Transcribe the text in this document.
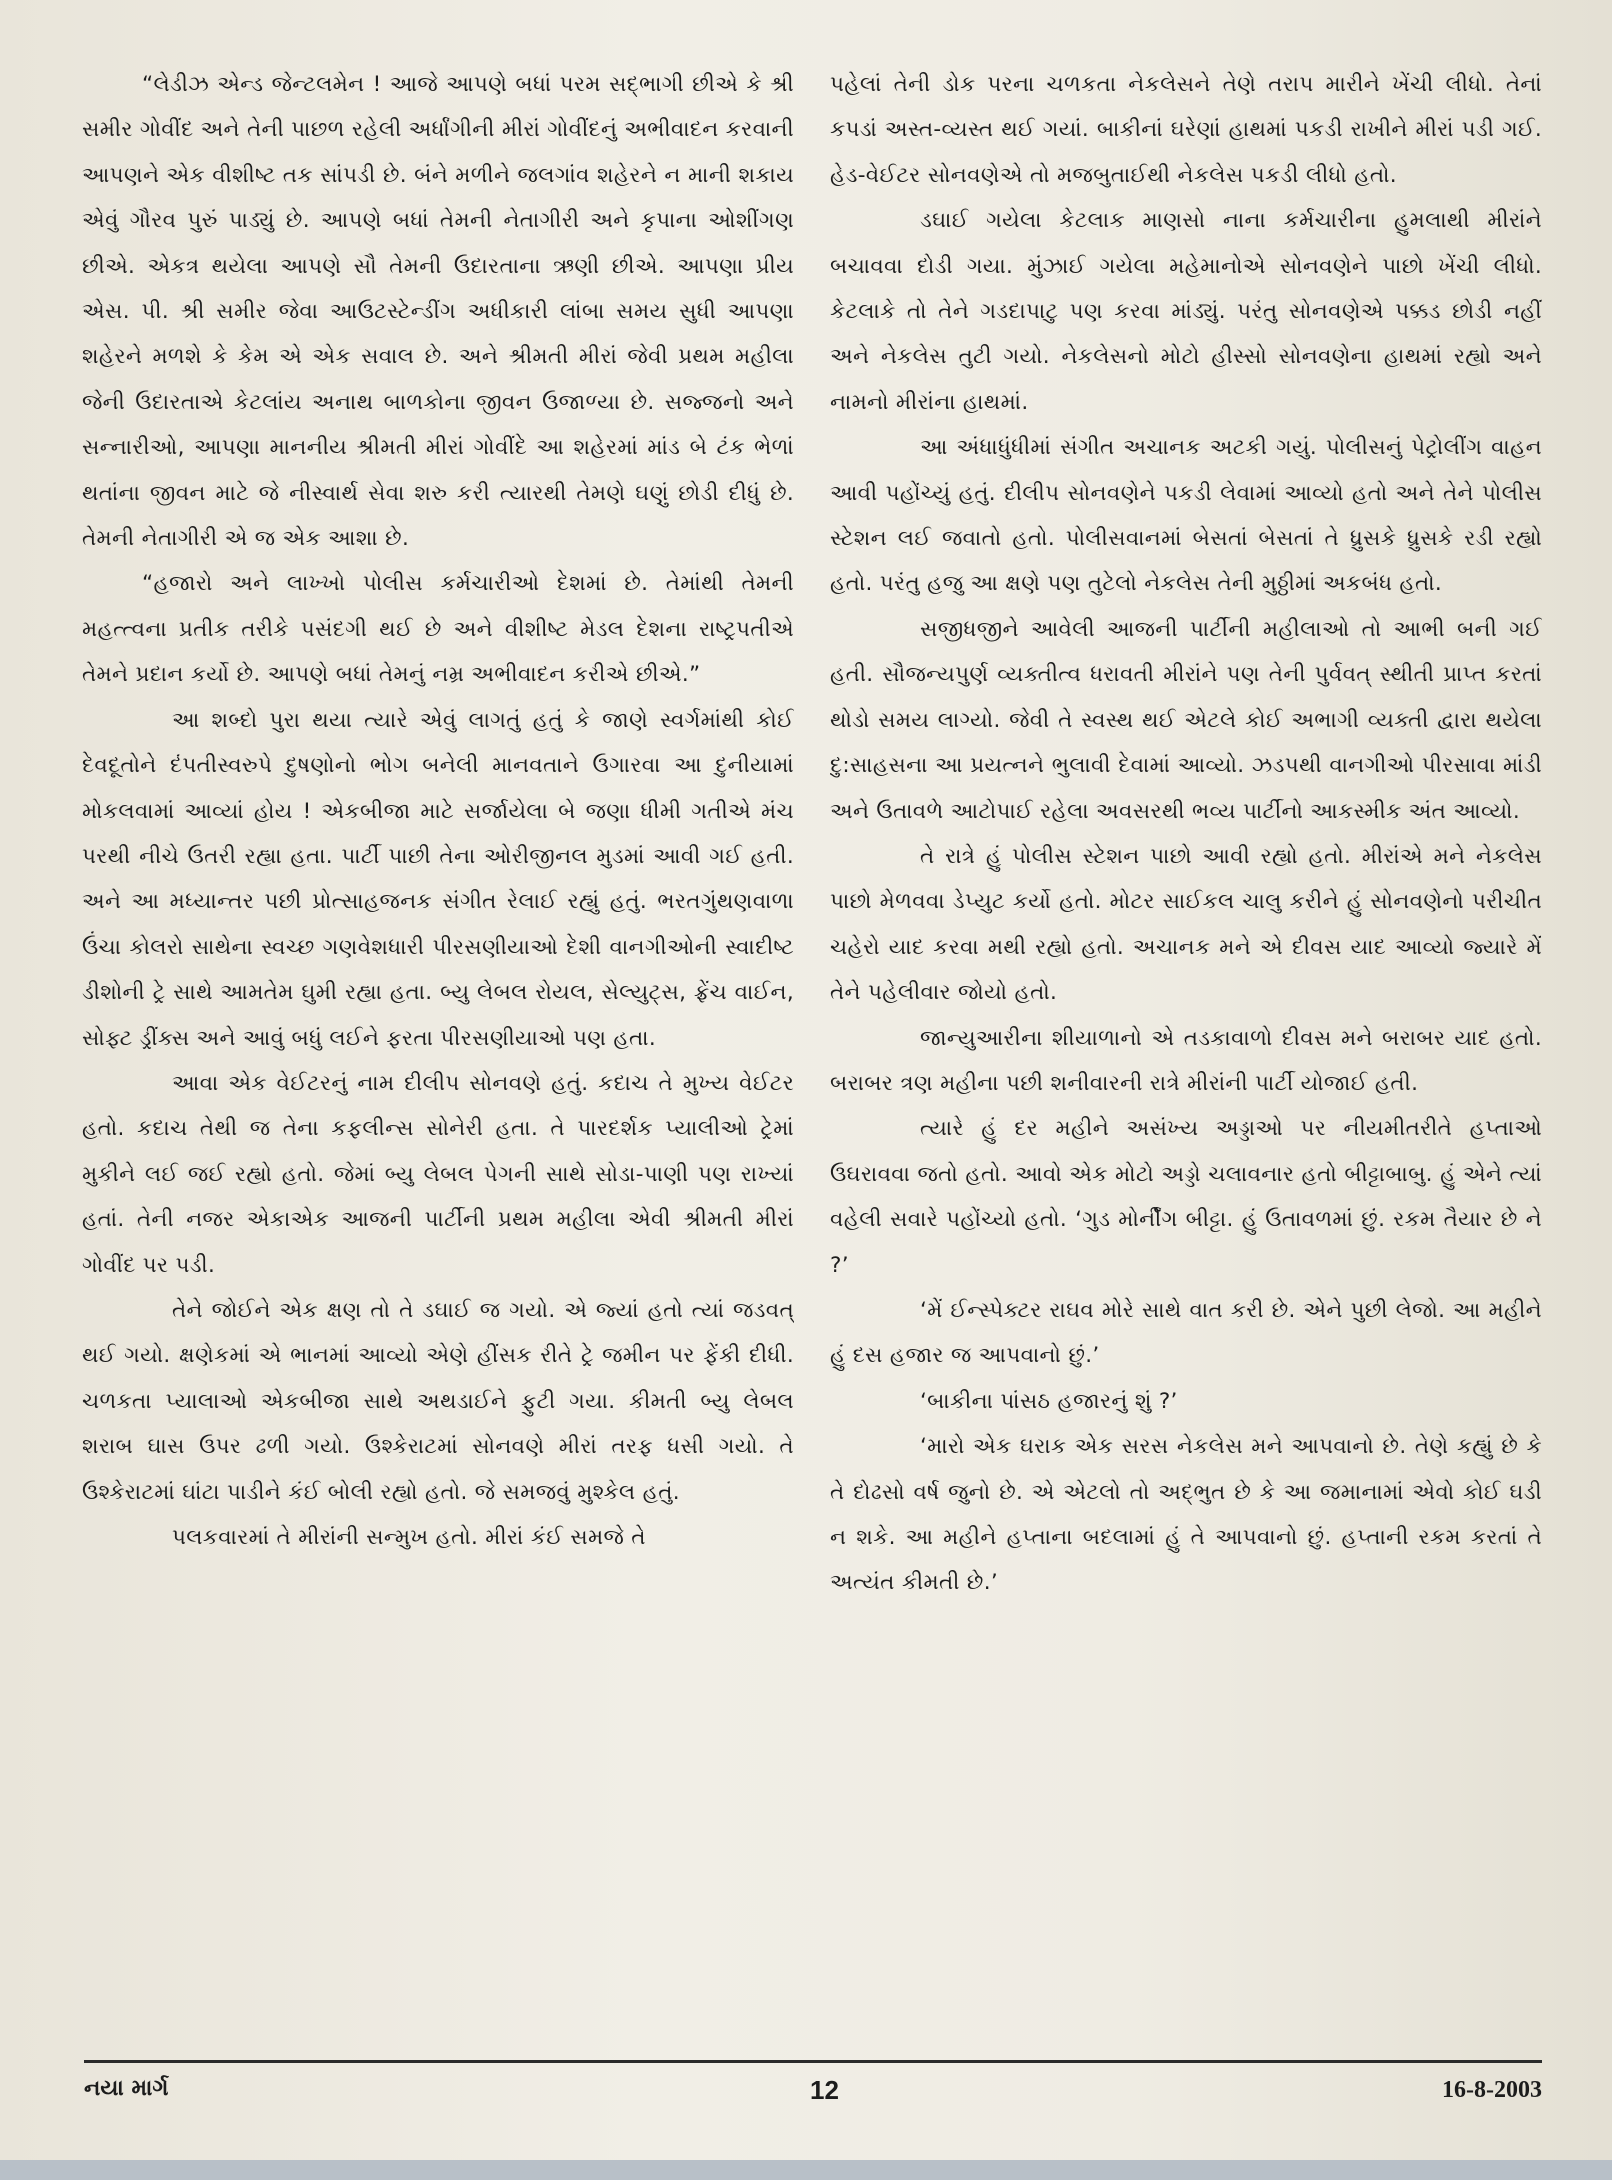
“લેડીઝ એન્ડ જેન્ટલમેન ! આજે આપણે બધાં પરમ સદ્‌ભાગી છીએ કે શ્રી સમીર ગોવીંદ અને તેની પાછળ રહેલી અર્ધાંગીની મીરાં ગોવીંદનું અભીવાદન કરવાની આપણને એક વીશીષ્ટ તક સાંપડી છે. બંને મળીને જલગાંવ શહેરને ન માની શકાય એવું ગૌરવ પુરું પાડ્યું છે. આપણે બધાં તેમની નેતાગીરી અને કૃપાના ઓશીંગણ છીએ. એકત્ર થયેલા આપણે સૌ તેમની ઉદારતાના ઋણી છીએ. આપણા પ્રીય એસ. પી. શ્રી સમીર જેવા આઉટસ્ટેન્ડીંગ અધીકારી લાંબા સમય સુધી આપણા શહેરને મળશે કે કેમ એ એક સવાલ છે. અને શ્રીમતી મીરાં જેવી પ્રથમ મહીલા જેની ઉદારતાએ કેટલાંય અનાથ બાળકોના જીવન ઉજાળ્યા છે. સજ્જનો અને સન્નારીઓ, આપણા માનનીય શ્રીમતી મીરાં ગોવીંદે આ શહેરમાં માંડ બે ટંક ભેળાં થતાંના જીવન માટે જે નીસ્વાર્થ સેવા શરુ કરી ત્યારથી તેમણે ઘણું છોડી દીધું છે. તેમની નેતાગીરી એ જ એક આશા છે.

“હજારો અને લાખ્ખો પોલીસ કર્મચારીઓ દેશમાં છે. તેમાંથી તેમની મહત્ત્વના પ્રતીક તરીકે પસંદગી થઈ છે અને વીશીષ્ટ મેડલ દેશના રાષ્ટ્રપતીએ તેમને પ્રદાન કર્યો છે. આપણે બધાં તેમનું નમ્ર અભીવાદન કરીએ છીએ.”

આ શબ્દો પુરા થયા ત્યારે એવું લાગતું હતું કે જાણે સ્વર્ગમાંથી કોઈ દેવદૂતોને દંપતીસ્વરુપે દુષણોનો ભોગ બનેલી માનવતાને ઉગારવા આ દુનીયામાં મોકલવામાં આવ્યાં હોય ! એકબીજા માટે સર્જાયેલા બે જણા ધીમી ગતીએ મંચ પરથી નીચે ઉતરી રહ્યા હતા. પાર્ટી પાછી તેના ઓરીજીનલ મુડમાં આવી ગઈ હતી. અને આ મધ્યાન્તર પછી પ્રોત્સાહજનક સંગીત રેલાઈ રહ્યું હતું. ભરતગુંથણવાળા ઉંચા કોલરો સાથેના સ્વચ્છ ગણવેશધારી પીરસણીયાઓ દેશી વાનગીઓની સ્વાદીષ્ટ ડીશોની ટ્રે સાથે આમતેમ ઘુમી રહ્યા હતા. બ્યુ લેબલ રોયલ, સેલ્યુટ્સ, ફ્રેંચ વાઈન, સોફ્ટ ડ્રીંક્સ અને આવું બધું લઈને ફરતા પીરસણીયાઓ પણ હતા.

આવા એક વેઈટરનું નામ દીલીપ સોનવણે હતું. કદાચ તે મુખ્ય વેઈટર હતો. કદાચ તેથી જ તેના કફલીન્સ સોનેરી હતા. તે પારદર્શક પ્યાલીઓ ટ્રેમાં મુકીને લઈ જઈ રહ્યો હતો. જેમાં બ્યુ લેબલ પેગની સાથે સોડા-પાણી પણ રાખ્યાં હતાં. તેની નજર એકાએક આજની પાર્ટીની પ્રથમ મહીલા એવી શ્રીમતી મીરાં ગોવીંદ પર પડી.

તેને જોઈને એક ક્ષણ તો તે ડઘાઈ જ ગયો. એ જ્યાં હતો ત્યાં જડવત્ થઈ ગયો. ક્ષણેકમાં એ ભાનમાં આવ્યો એણે હીંસક રીતે ટ્રે જમીન પર ફેંકી દીધી. ચળકતા પ્યાલાઓ એકબીજા સાથે અથડાઈને ફુટી ગયા. કીમતી બ્યુ લેબલ શરાબ ઘાસ ઉપર ઢળી ગયો. ઉશ્કેરાટમાં સોનવણે મીરાં તરફ ધસી ગયો. તે ઉશ્કેરાટમાં ઘાંટા પાડીને કંઈ બોલી રહ્યો હતો. જે સમજવું મુશ્કેલ હતું.

પલકવારમાં તે મીરાંની સન્મુખ હતો. મીરાં કંઈ સમજે તે

પહેલાં તેની ડોક પરના ચળકતા નેકલેસને તેણે તરાપ મારીને ખેંચી લીધો. તેનાં કપડાં અસ્ત-વ્યસ્ત થઈ ગયાં. બાકીનાં ઘરેણાં હાથમાં પકડી રાખીને મીરાં પડી ગઈ. હેડ-વેઈટર સોનવણેએ તો મજબુતાઈથી નેકલેસ પકડી લીધો હતો.

ડઘાઈ ગયેલા કેટલાક માણસો નાના કર્મચારીના હુમલાથી મીરાંને બચાવવા દોડી ગયા. મુંઝાઈ ગયેલા મહેમાનોએ સોનવણેને પાછો ખેંચી લીધો. કેટલાકે તો તેને ગડદાપાટુ પણ કરવા માંડ્યું. પરંતુ સોનવણેએ પક્કડ છોડી નહીં અને નેકલેસ તુટી ગયો. નેકલેસનો મોટો હીસ્સો સોનવણેના હાથમાં રહ્યો અને નામનો મીરાંના હાથમાં.

આ અંધાધુંધીમાં સંગીત અચાનક અટકી ગયું. પોલીસનું પેટ્રોલીંગ વાહન આવી પહોંચ્યું હતું. દીલીપ સોનવણેને પકડી લેવામાં આવ્યો હતો અને તેને પોલીસ સ્ટેશન લઈ જવાતો હતો. પોલીસવાનમાં બેસતાં બેસતાં તે ધ્રુસકે ધ્રુસકે રડી રહ્યો હતો. પરંતુ હજુ આ ક્ષણે પણ તુટેલો નેકલેસ તેની મુઠ્ઠીમાં અકબંધ હતો.

સજીધજીને આવેલી આજની પાર્ટીની મહીલાઓ તો આભી બની ગઈ હતી. સૌજન્યપુર્ણ વ્યક્તીત્વ ધરાવતી મીરાંને પણ તેની પુર્વવત્ સ્થીતી પ્રાપ્ત કરતાં થોડો સમય લાગ્યો. જેવી તે સ્વસ્થ થઈ એટલે કોઈ અભાગી વ્યક્તી દ્વારા થયેલા દુ:સાહસના આ પ્રયત્નને ભુલાવી દેવામાં આવ્યો. ઝડપથી વાનગીઓ પીરસાવા માંડી અને ઉતાવળે આટોપાઈ રહેલા અવસરથી ભવ્ય પાર્ટીનો આકસ્મીક અંત આવ્યો.

તે રાત્રે હું પોલીસ સ્ટેશન પાછો આવી રહ્યો હતો. મીરાંએ મને નેકલેસ પાછો મેળવવા ડેપ્યુટ કર્યો હતો. મોટર સાઈકલ ચાલુ કરીને હું સોનવણેનો પરીચીત ચહેરો યાદ કરવા મથી રહ્યો હતો. અચાનક મને એ દીવસ યાદ આવ્યો જ્યારે મેં તેને પહેલીવાર જોયો હતો.

જાન્યુઆરીના શીયાળાનો એ તડકાવાળો દીવસ મને બરાબર યાદ હતો. બરાબર ત્રણ મહીના પછી શનીવારની રાત્રે મીરાંની પાર્ટી યોજાઈ હતી.

ત્યારે હું દર મહીને અસંખ્ય અડ્ડાઓ પર નીયમીતરીતે હપ્તાઓ ઉઘરાવવા જતો હતો. આવો એક મોટો અડ્ડો ચલાવનાર હતો બીટ્ટાબાબુ. હું એને ત્યાં વહેલી સવારે પહોંચ્યો હતો. ‘ગુડ મોર્નીંગ બીટ્ટા. હું ઉતાવળમાં છું. રકમ તૈયાર છે ને ?’

‘મેં ઈન્સ્પેક્ટર રાઘવ મોરે સાથે વાત કરી છે. એને પુછી લેજો. આ મહીને હું દસ હજાર જ આપવાનો છું.’

‘બાકીના પાંસઠ હજારનું શું ?’

‘મારો એક ઘરાક એક સરસ નેકલેસ મને આપવાનો છે. તેણે કહ્યું છે કે તે દોઢસો વર્ષ જુનો છે. એ એટલો તો અદ્‌ભુત છે કે આ જમાનામાં એવો કોઈ ઘડી ન શકે. આ મહીને હપ્તાના બદલામાં હું તે આપવાનો છું. હપ્તાની રકમ કરતાં તે અત્યંત કીમતી છે.’

નયા માર્ગ	12	16-8-2003
